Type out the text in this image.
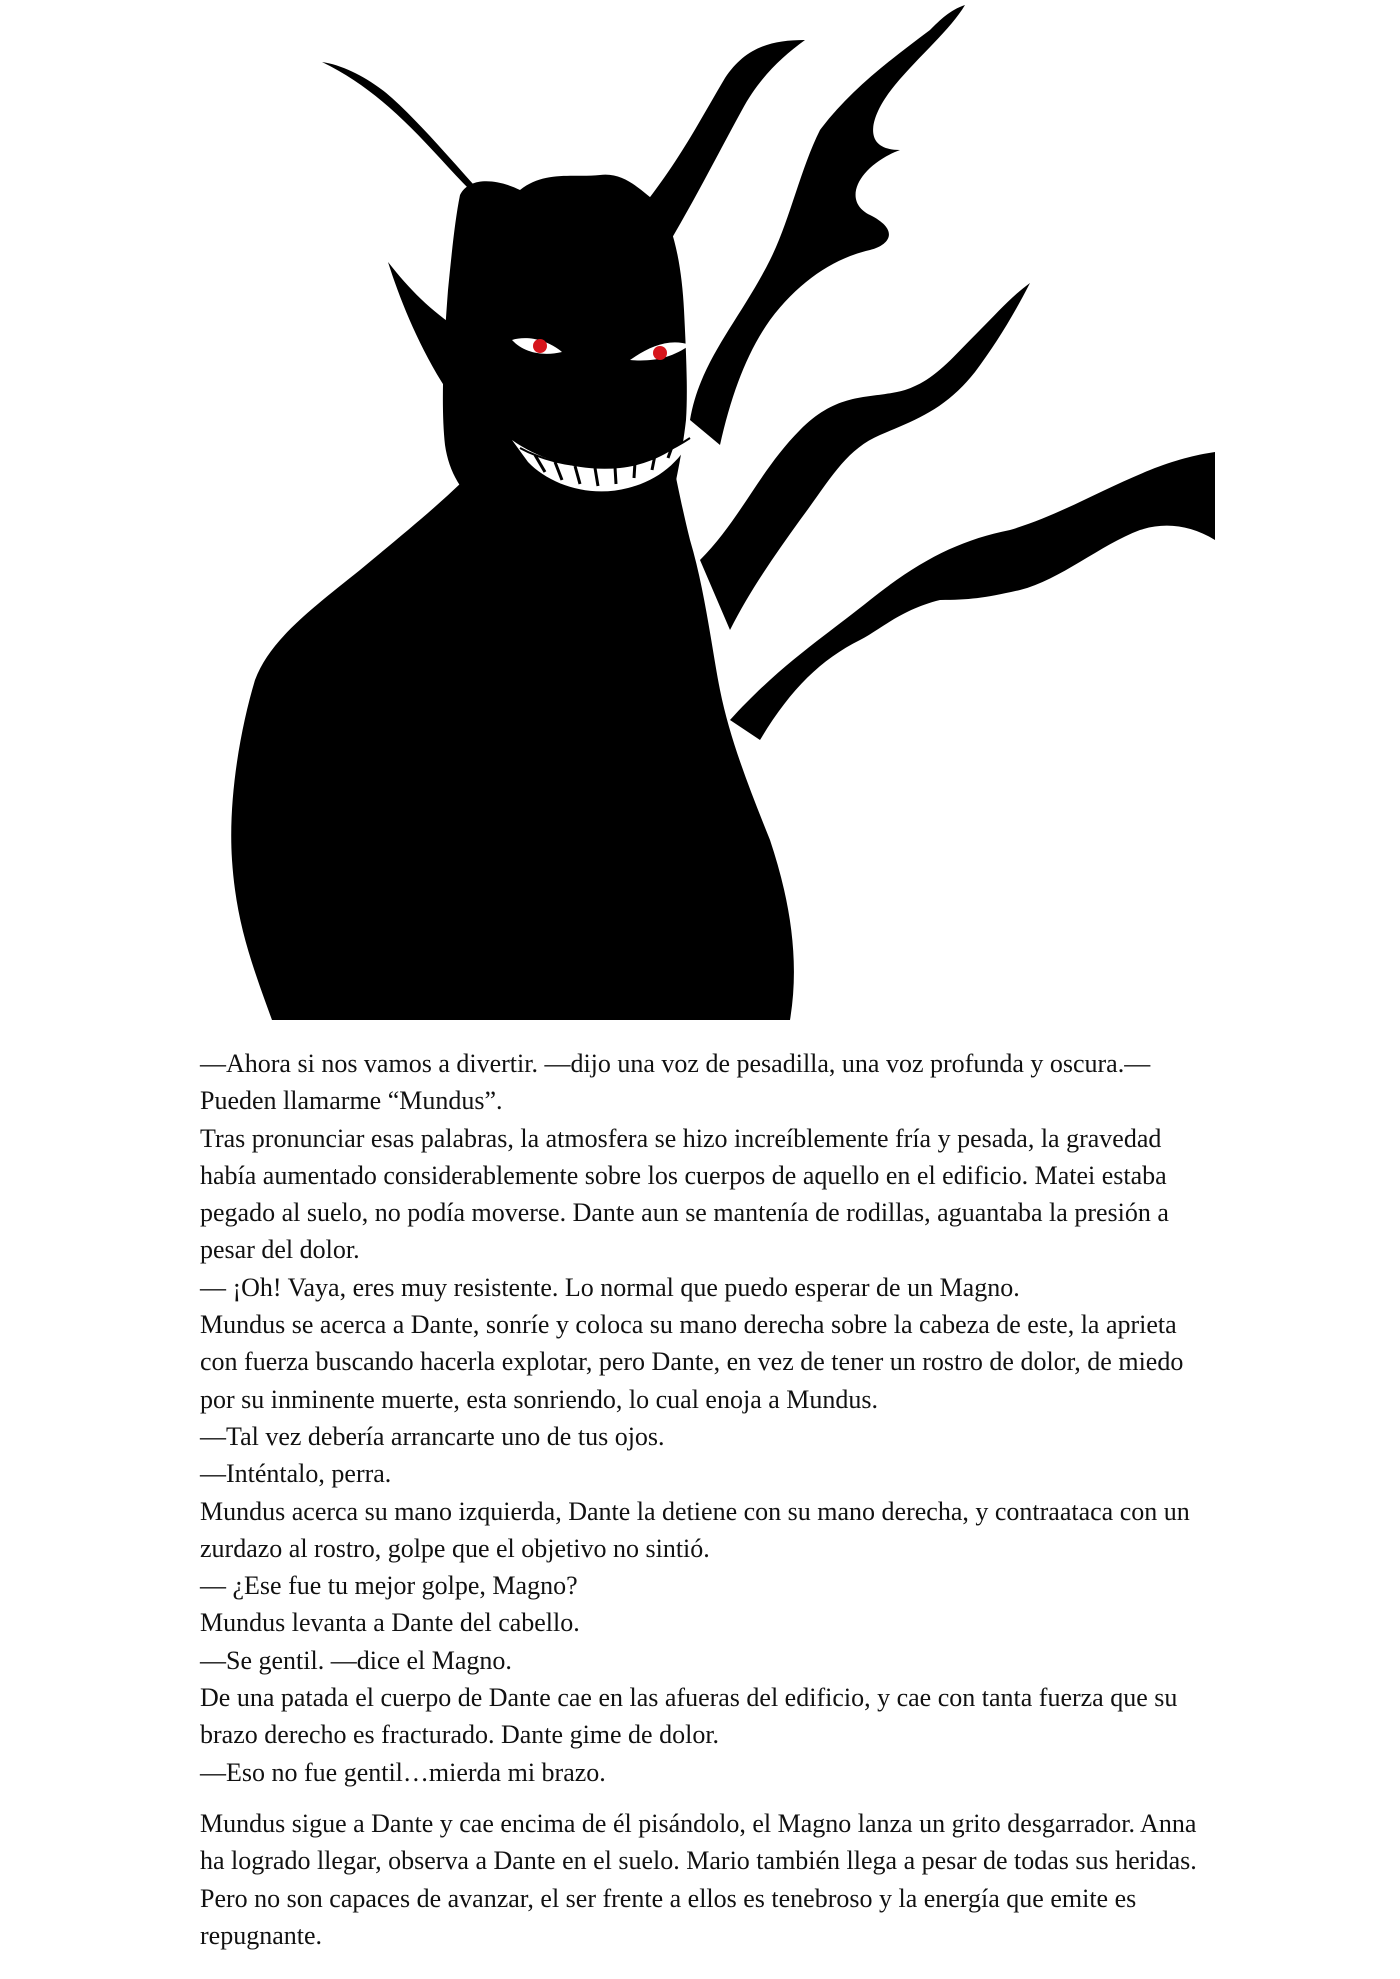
—Ahora si nos vamos a divertir. —dijo una voz de pesadilla, una voz profunda y oscura.—Pueden llamarme “Mundus”.

Tras pronunciar esas palabras, la atmosfera se hizo increíblemente fría y pesada, la gravedad había aumentado considerablemente sobre los cuerpos de aquello en el edificio. Matei estaba pegado al suelo, no podía moverse. Dante aun se mantenía de rodillas, aguantaba la presión a pesar del dolor.

— ¡Oh! Vaya, eres muy resistente. Lo normal que puedo esperar de un Magno.

Mundus se acerca a Dante, sonríe y coloca su mano derecha sobre la cabeza de este, la aprieta con fuerza buscando hacerla explotar, pero Dante, en vez de tener un rostro de dolor, de miedo por su inminente muerte, esta sonriendo, lo cual enoja a Mundus.

—Tal vez debería arrancarte uno de tus ojos.

—Inténtalo, perra.

Mundus acerca su mano izquierda, Dante la detiene con su mano derecha, y contraataca con un zurdazo al rostro, golpe que el objetivo no sintió.

— ¿Ese fue tu mejor golpe, Magno?

Mundus levanta a Dante del cabello.

—Se gentil. —dice el Magno.

De una patada el cuerpo de Dante cae en las afueras del edificio, y cae con tanta fuerza que su brazo derecho es fracturado. Dante gime de dolor.

—Eso no fue gentil…mierda mi brazo.

Mundus sigue a Dante y cae encima de él pisándolo, el Magno lanza un grito desgarrador. Anna ha logrado llegar, observa a Dante en el suelo. Mario también llega a pesar de todas sus heridas. Pero no son capaces de avanzar, el ser frente a ellos es tenebroso y la energía que emite es repugnante.
